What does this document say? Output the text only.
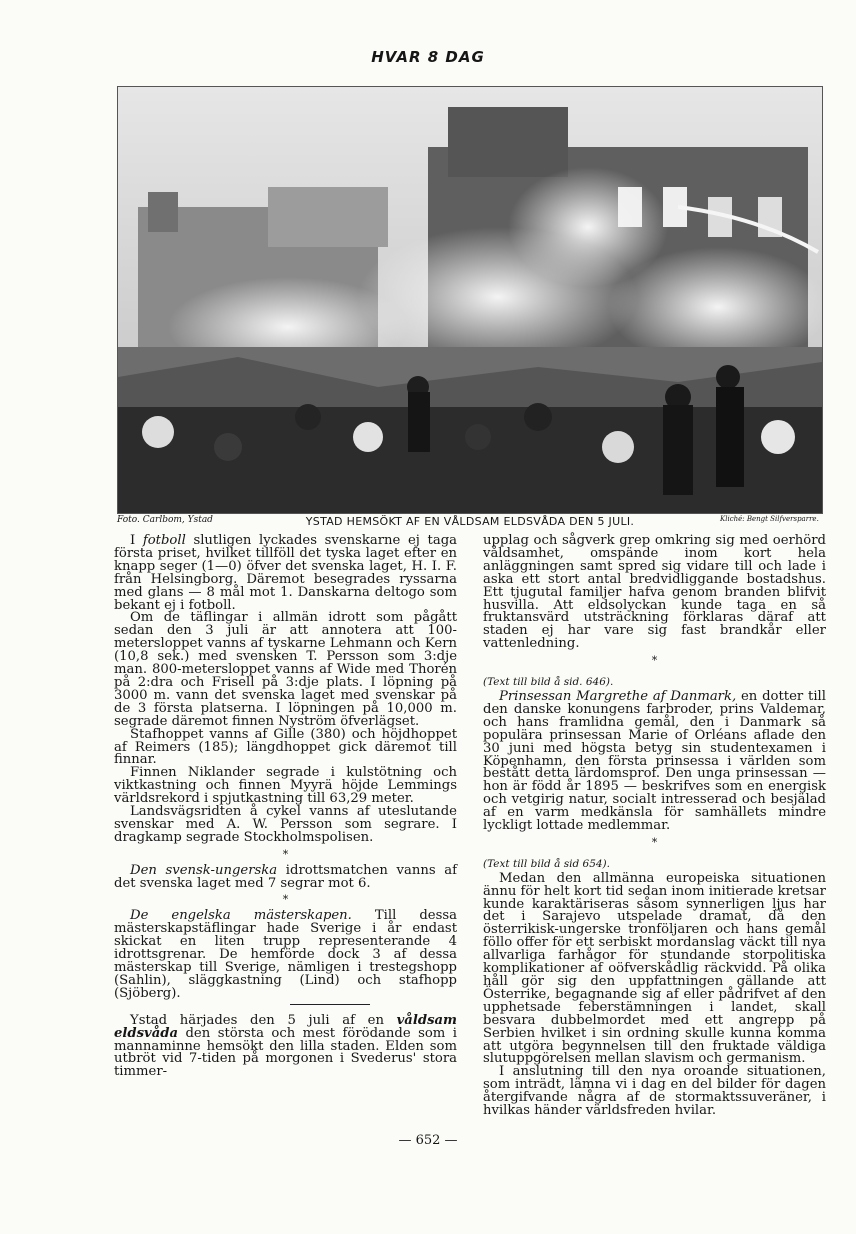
HVAR 8 DAG
Foto. Carlbom, Ystad	YSTAD HEMSÖKT AF EN VÅLDSAM ELDSVÅDA DEN 5 JULI.	Kliché: Bengt Silfversparre.

I fotboll slutligen lyckades svenskarne ej taga första priset, hvilket tillföll det tyska laget efter en knapp seger (1—0) öfver det svenska laget, H. I. F. från Helsingborg. Däremot besegrades ryssarna med glans — 8 mål mot 1. Danskarna deltogo som bekant ej i fotboll.

Om de täflingar i allmän idrott som pågått sedan den 3 juli är att annotera att 100-metersloppet vanns af tyskarne Lehmann och Kern (10,8 sek.) med svensken T. Persson som 3:dje man. 800-metersloppet vanns af Wide med Thorén på 2:dra och Frisell på 3:dje plats. I löpning på 3000 m. vann det svenska laget med svenskar på de 3 första platserna. I löpningen på 10,000 m. segrade däremot finnen Nyström öfverlägset.

Stafhoppet vanns af Gille (380) och höjdhoppet af Reimers (185); längdhoppet gick däremot till finnar.

Finnen Niklander segrade i kulstötning och viktkastning och finnen Myyrä höjde Lemmings världsrekord i spjutkastning till 63,29 meter.

Landsvägsridten å cykel vanns af uteslutande svenskar med A. W. Persson som segrare. I dragkamp segrade Stockholmspolisen.

*

Den svensk-ungerska idrottsmatchen vanns af det svenska laget med 7 segrar mot 6.

*

De engelska mästerskapen. Till dessa mästerskapstäflingar hade Sverige i år endast skickat en liten trupp representerande 4 idrottsgrenar. De hemförde dock 3 af dessa mästerskap till Sverige, nämligen i trestegshopp (Sahlin), släggkastning (Lind) och stafhopp (Sjöberg).

Ystad härjades den 5 juli af en våldsam eldsvåda den största och mest förödande som i mannaminne hemsökt den lilla staden. Elden som utbröt vid 7-tiden på morgonen i Svederus' stora timmer-

upplag och sågverk grep omkring sig med oerhörd våldsamhet, omspände inom kort hela anläggningen samt spred sig vidare till och lade i aska ett stort antal bredvidliggande bostadshus. Ett tjugutal familjer hafva genom branden blifvit husvilla. Att eldsolyckan kunde taga en så fruktansvärd utsträckning förklaras däraf att staden ej har vare sig fast brandkår eller vattenledning.

*

(Text till bild å sid. 646).

Prinsessan Margrethe af Danmark, en dotter till den danske konungens farbroder, prins Valdemar, och hans framlidna gemål, den i Danmark så populära prinsessan Marie of Orléans aflade den 30 juni med högsta betyg sin studentexamen i Köpenhamn, den första prinsessa i världen som bestått detta lärdomsprof. Den unga prinsessan — hon är född år 1895 — beskrifves som en energisk och vetgirig natur, socialt intresserad och besjälad af en varm medkänsla för samhällets mindre lyckligt lottade medlemmar.

*

(Text till bild å sid 654).

Medan den allmänna europeiska situationen ännu för helt kort tid sedan inom initierade kretsar kunde karaktäriseras såsom synnerligen ljus har det i Sarajevo utspelade dramat, då den österrikisk-ungerske tronföljaren och hans gemål föllo offer för ett serbiskt mordanslag väckt till nya allvarliga farhågor för stundande storpolitiska komplikationer af oöfverskådlig räckvidd. På olika håll gör sig den uppfattningen gällande att Österrike, begagnande sig af eller pådrifvet af den upphetsade feberstämningen i landet, skall besvara dubbelmordet med ett angrepp på Serbien hvilket i sin ordning skulle kunna komma att utgöra begynnelsen till den fruktade väldiga slutuppgörelsen mellan slavism och germanism.

I anslutning till den nya oroande situationen, som inträdt, lämna vi i dag en del bilder för dagen återgifvande några af de stormaktssuveräner, i hvilkas händer världsfreden hvilar.

— 652 —
